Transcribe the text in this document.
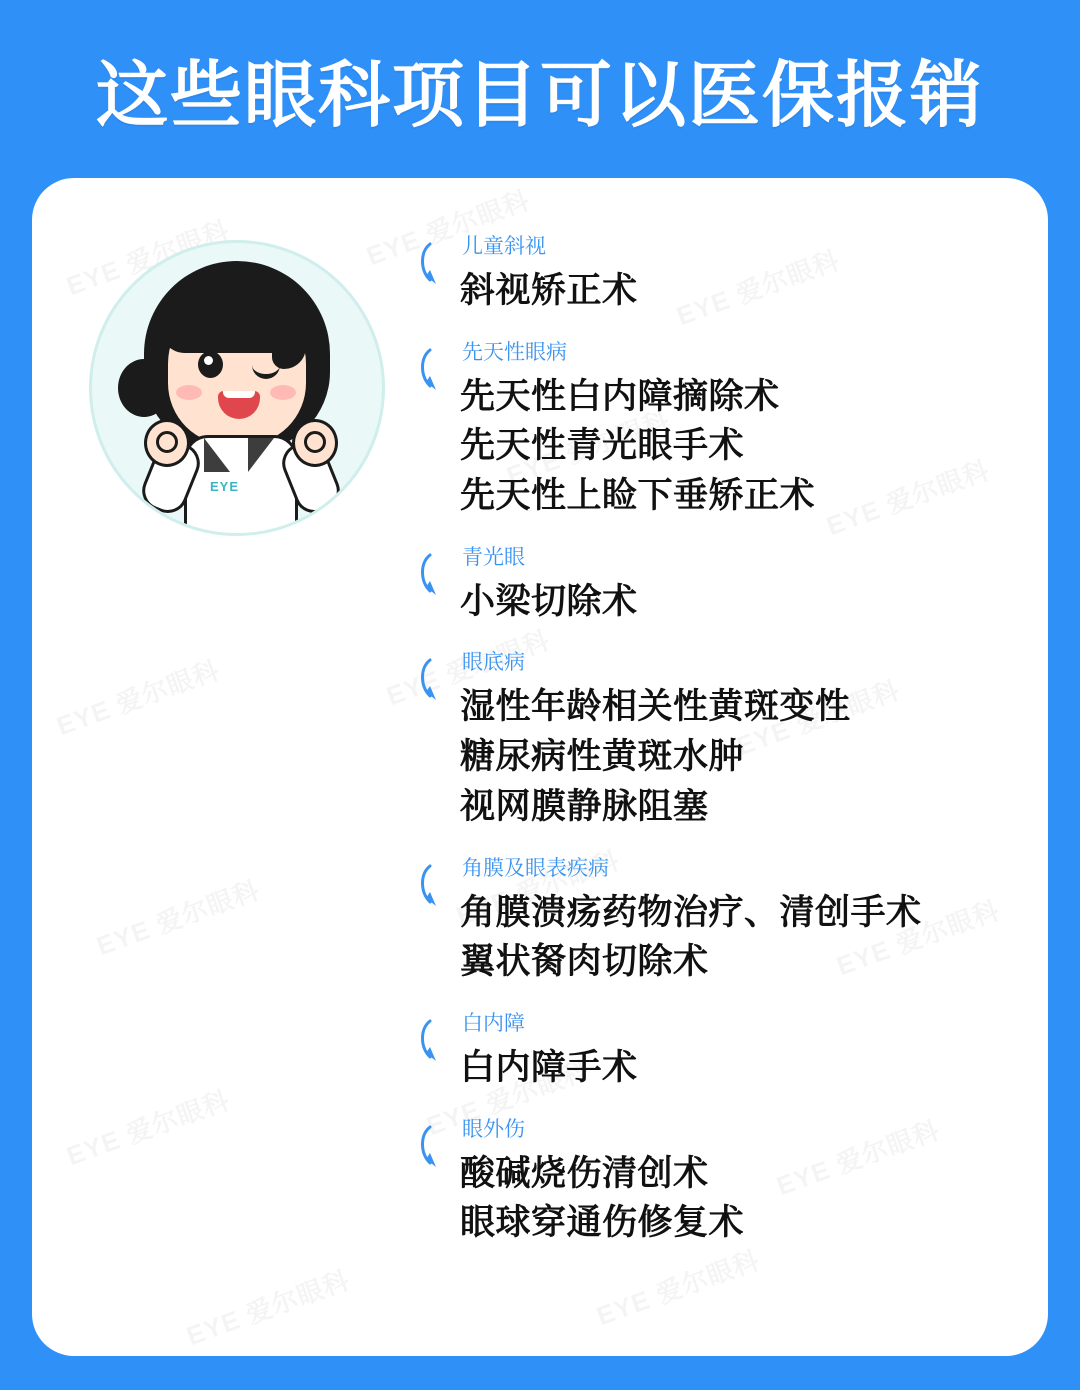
这些眼科项目可以医保报销
EYE
儿童斜视
斜视矫正术
先天性眼病
先天性白内障摘除术
先天性青光眼手术
先天性上睑下垂矫正术
青光眼
小梁切除术
眼底病
湿性年龄相关性黄斑变性
糖尿病性黄斑水肿
视网膜静脉阻塞
角膜及眼表疾病
角膜溃疡药物治疗、清创手术
翼状胬肉切除术
白内障
白内障手术
眼外伤
酸碱烧伤清创术
眼球穿通伤修复术
